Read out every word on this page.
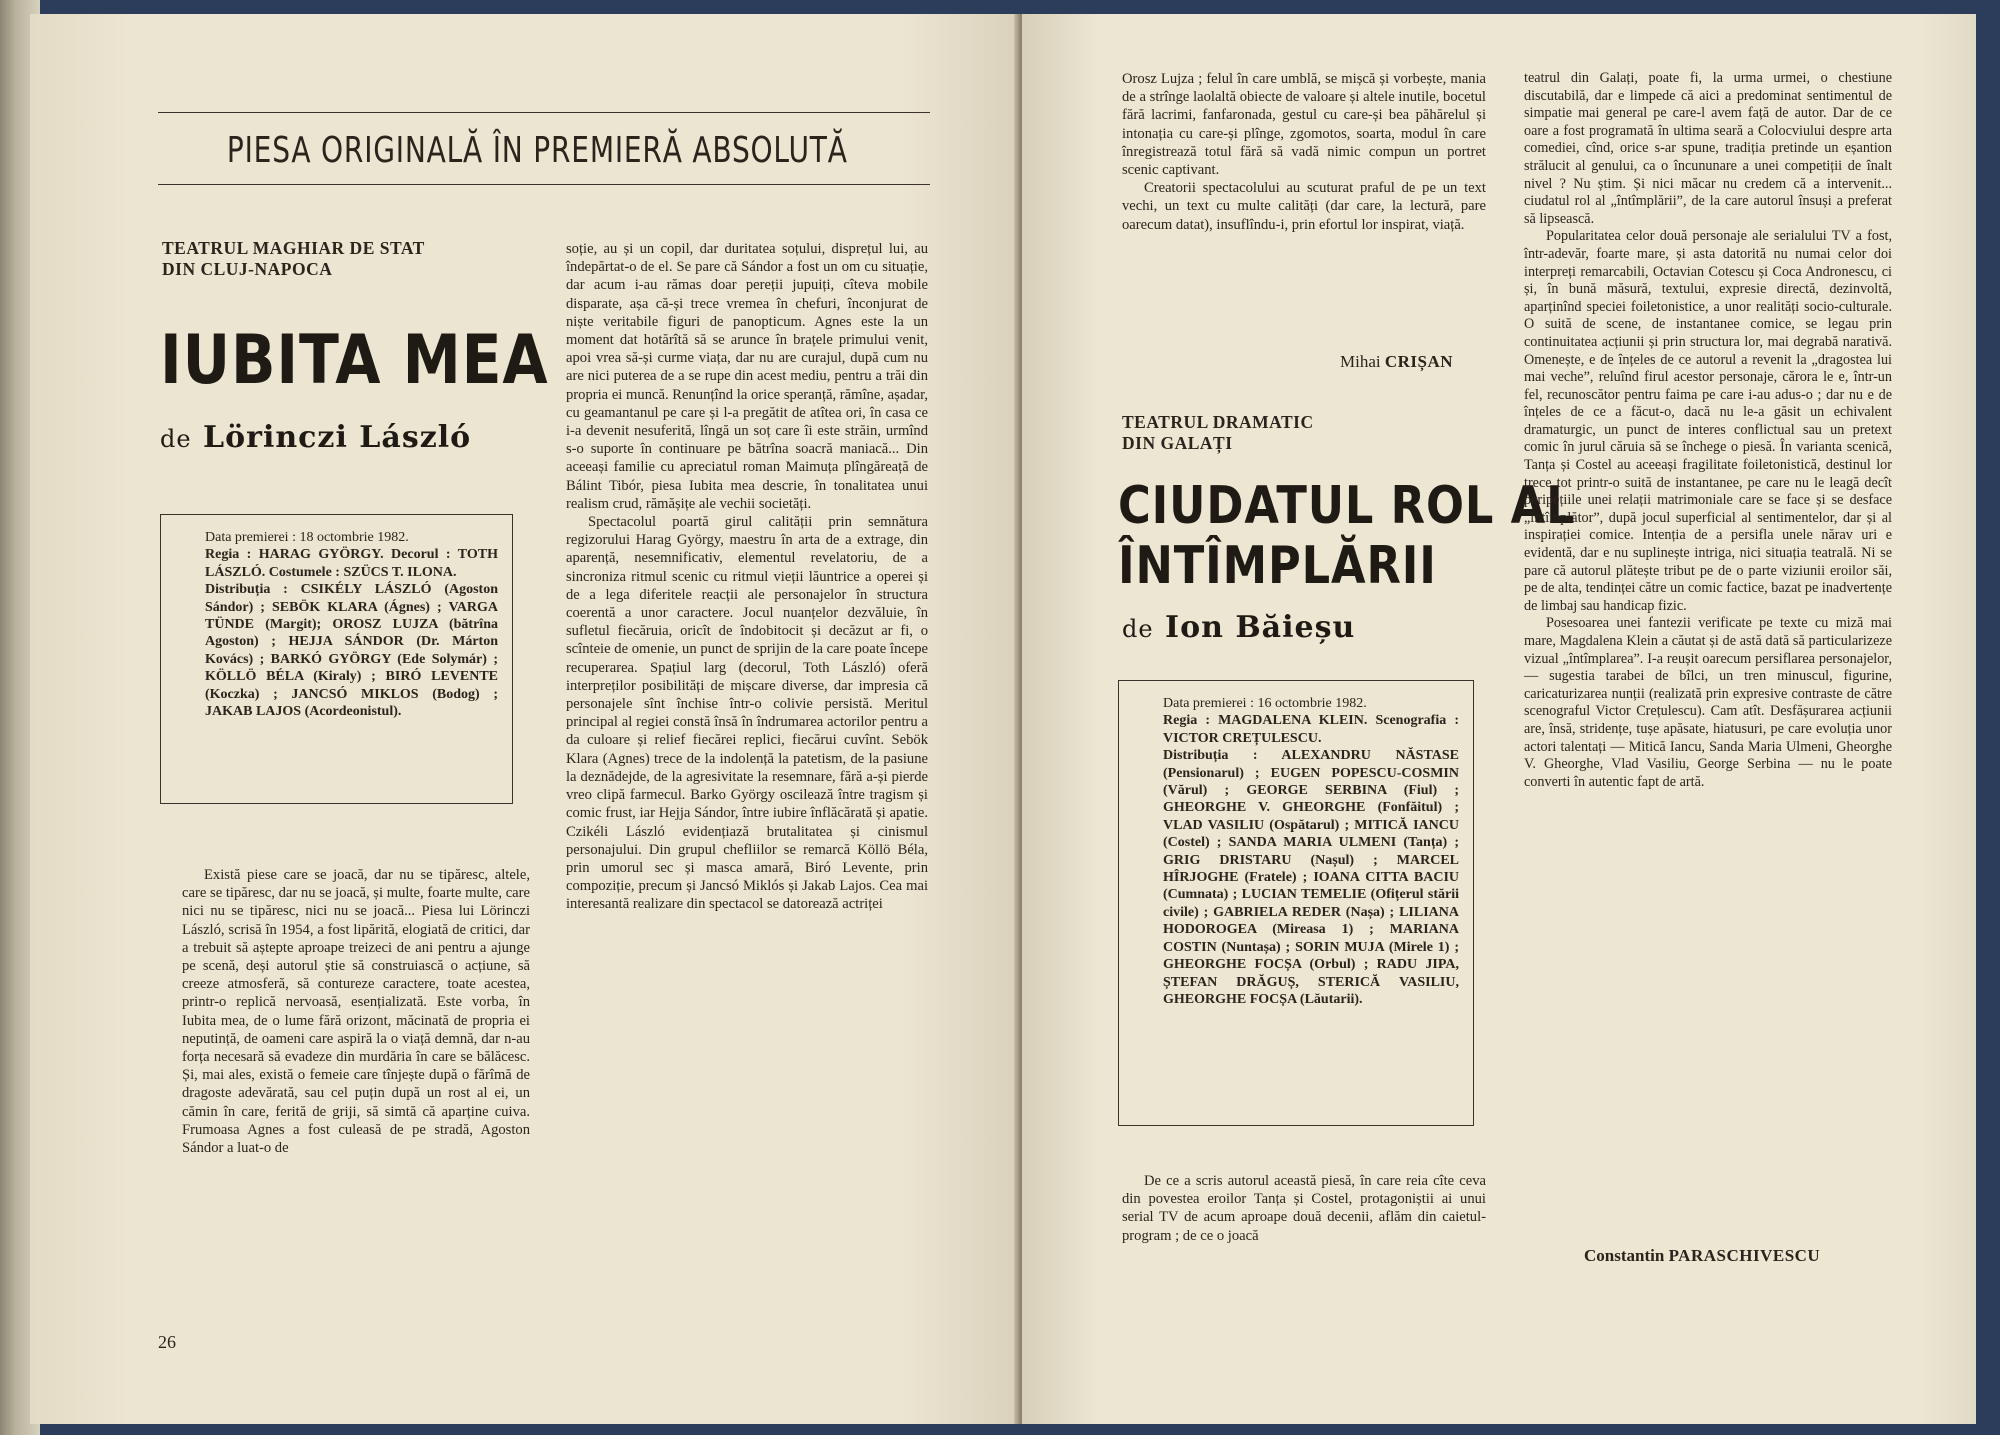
PIESA ORIGINALĂ ÎN PREMIERĂ ABSOLUTĂ
TEATRUL MAGHIAR DE STAT
DIN CLUJ-NAPOCA
IUBITA MEA
de Lörinczi László

Data premierei : 18 octombrie 1982.

Regia : HARAG GYÖRGY. Decorul : TOTH LÁSZLÓ. Costumele : SZÜCS T. ILONA.

Distribuția : CSIKÉLY LÁSZLÓ (Agoston Sándor) ; SEBÖK KLARA (Ágnes) ; VARGA TÜNDE (Margit); OROSZ LUJZA (bătrîna Agoston) ; HEJJA SÁNDOR (Dr. Márton Kovács) ; BARKÓ GYÖRGY (Ede Solymár) ; KÖLLÖ BÉLA (Kiraly) ; BIRÓ LEVENTE (Koczka) ; JANCSÓ MIKLOS (Bodog) ; JAKAB LAJOS (Acordeonistul).

Există piese care se joacă, dar nu se tipăresc, altele, care se tipăresc, dar nu se joacă, și multe, foarte multe, care nici nu se tipăresc, nici nu se joacă... Piesa lui Lörinczi László, scrisă în 1954, a fost lipărită, elogiată de critici, dar a trebuit să aștepte aproape treizeci de ani pentru a ajunge pe scenă, deși autorul știe să construiască o acțiune, să creeze atmosferă, să contureze caractere, toate acestea, printr-o replică nervoasă, esențializată. Este vorba, în Iubita mea, de o lume fără orizont, măcinată de propria ei neputință, de oameni care aspiră la o viață demnă, dar n-au forța necesară să evadeze din murdăria în care se bălăcesc. Și, mai ales, există o femeie care tînjește după o fărîmă de dragoste adevărată, sau cel puțin după un rost al ei, un cămin în care, ferită de griji, să simtă că aparține cuiva. Frumoasa Agnes a fost culeasă de pe stradă, Agoston Sándor a luat-o de

soție, au și un copil, dar duritatea soțului, disprețul lui, au îndepărtat-o de el. Se pare că Sándor a fost un om cu situație, dar acum i-au rămas doar pereții jupuiți, cîteva mobile disparate, așa că-și trece vremea în chefuri, înconjurat de niște veritabile figuri de panopticum. Agnes este la un moment dat hotărîtă să se arunce în brațele primului venit, apoi vrea să-și curme viața, dar nu are curajul, după cum nu are nici puterea de a se rupe din acest mediu, pentru a trăi din propria ei muncă. Renunțînd la orice speranță, rămîne, așadar, cu geamantanul pe care și l-a pregătit de atîtea ori, în casa ce i-a devenit nesuferită, lîngă un soț care îi este străin, urmînd s-o suporte în continuare pe bătrîna soacră maniacă... Din aceeași familie cu apreciatul roman Maimuța plîngăreață de Bálint Tibór, piesa Iubita mea descrie, în tonalitatea unui realism crud, rămășițe ale vechii societăți.

Spectacolul poartă girul calității prin semnătura regizorului Harag György, maestru în arta de a extrage, din aparență, nesemnificativ, elementul revelatoriu, de a sincroniza ritmul scenic cu ritmul vieții lăuntrice a operei și de a lega diferitele reacții ale personajelor în structura coerentă a unor caractere. Jocul nuanțelor dezvăluie, în sufletul fiecăruia, oricît de îndobitocit și decăzut ar fi, o scînteie de omenie, un punct de sprijin de la care poate începe recuperarea. Spațiul larg (decorul, Toth László) oferă interpreților posibilități de mișcare diverse, dar impresia că personajele sînt închise într-o colivie persistă. Meritul principal al regiei constă însă în îndrumarea actorilor pentru a da culoare și relief fiecărei replici, fiecărui cuvînt. Sebök Klara (Agnes) trece de la indolență la patetism, de la pasiune la deznădejde, de la agresivitate la resemnare, fără a-și pierde vreo clipă farmecul. Barko György oscilează între tragism și comic frust, iar Hejja Sándor, între iubire înflăcărată și apatie. Czikéli László evidențiază brutalitatea și cinismul personajului. Din grupul chefliilor se remarcă Köllö Béla, prin umorul sec și masca amară, Biró Levente, prin compoziție, precum și Jancsó Miklós și Jakab Lajos. Cea mai interesantă realizare din spectacol se datorează actriței

26

Orosz Lujza ; felul în care umblă, se mișcă și vorbește, mania de a strînge laolaltă obiecte de valoare și altele inutile, bocetul fără lacrimi, fanfaronada, gestul cu care-și bea păhărelul și intonația cu care-și plînge, zgomotos, soarta, modul în care înregistrează totul fără să vadă nimic compun un portret scenic captivant.

Creatorii spectacolului au scuturat praful de pe un text vechi, un text cu multe calități (dar care, la lectură, pare oarecum datat), insuflîndu-i, prin efortul lor inspirat, viață.

Mihai CRIȘAN
TEATRUL DRAMATIC
DIN GALAȚI
CIUDATUL ROL AL
ÎNTÎMPLĂRII
de Ion Băieșu

Data premierei : 16 octombrie 1982.

Regia : MAGDALENA KLEIN. Scenografia : VICTOR CREȚULESCU.

Distribuția : ALEXANDRU NĂSTASE (Pensionarul) ; EUGEN POPESCU-COSMIN (Vărul) ; GEORGE SERBINA (Fiul) ; GHEORGHE V. GHEORGHE (Fonfăitul) ; VLAD VASILIU (Ospătarul) ; MITICĂ IANCU (Costel) ; SANDA MARIA ULMENI (Tanța) ; GRIG DRISTARU (Nașul) ; MARCEL HÎRJOGHE (Fratele) ; IOANA CITTA BACIU (Cumnata) ; LUCIAN TEMELIE (Ofițerul stării civile) ; GABRIELA REDER (Nașa) ; LILIANA HODOROGEA (Mireasa 1) ; MARIANA COSTIN (Nuntașa) ; SORIN MUJA (Mirele 1) ; GHEORGHE FOCȘA (Orbul) ; RADU JIPA, ȘTEFAN DRĂGUȘ, STERICĂ VASILIU, GHEORGHE FOCȘA (Lăutarii).

De ce a scris autorul această piesă, în care reia cîte ceva din povestea eroilor Tanța și Costel, protagoniștii ai unui serial TV de acum aproape două decenii, aflăm din caietul-program ; de ce o joacă

teatrul din Galați, poate fi, la urma urmei, o chestiune discutabilă, dar e limpede că aici a predominat sentimentul de simpatie mai general pe care-l avem față de autor. Dar de ce oare a fost programată în ultima seară a Colocviului despre arta comediei, cînd, orice s-ar spune, tradiția pretinde un eșantion strălucit al genului, ca o încununare a unei competiții de înalt nivel ? Nu știm. Și nici măcar nu credem că a intervenit... ciudatul rol al „întîmplării”, de la care autorul însuși a preferat să lipsească.

Popularitatea celor două personaje ale serialului TV a fost, într-adevăr, foarte mare, și asta datorită nu numai celor doi interpreți remarcabili, Octavian Cotescu și Coca Andronescu, ci și, în bună măsură, textului, expresie directă, dezinvoltă, aparținînd speciei foiletonistice, a unor realități socio-culturale. O suită de scene, de instantanee comice, se legau prin continuitatea acțiunii și prin structura lor, mai degrabă narativă. Omenește, e de înțeles de ce autorul a revenit la „dragostea lui mai veche”, reluînd firul acestor personaje, cărora le e, într-un fel, recunoscător pentru faima pe care i-au adus-o ; dar nu e de înțeles de ce a făcut-o, dacă nu le-a găsit un echivalent dramaturgic, un punct de interes conflictual sau un pretext comic în jurul căruia să se închege o piesă. În varianta scenică, Tanța și Costel au aceeași fragilitate foiletonistică, destinul lor trece tot printr-o suită de instantanee, pe care nu le leagă decît peripețiile unei relații matrimoniale care se face și se desface „întîmplător”, după jocul superficial al sentimentelor, dar și al inspirației comice. Intenția de a persifla unele nărav uri e evidentă, dar e nu suplinește intriga, nici situația teatrală. Ni se pare că autorul plătește tribut pe de o parte viziunii eroilor săi, pe de alta, tendinței către un comic factice, bazat pe inadvertențe de limbaj sau handicap fizic.

Posesoarea unei fantezii verificate pe texte cu miză mai mare, Magdalena Klein a căutat și de astă dată să particularizeze vizual „întîmplarea”. I-a reușit oarecum persiflarea personajelor, — sugestia tarabei de bîlci, un tren minuscul, figurine, caricaturizarea nunții (realizată prin expresive contraste de către scenograful Victor Crețulescu). Cam atît. Desfășurarea acțiunii are, însă, stridențe, tușe apăsate, hiatusuri, pe care evoluția unor actori talentați — Mitică Iancu, Sanda Maria Ulmeni, Gheorghe V. Gheorghe, Vlad Vasiliu, George Serbina — nu le poate converti în autentic fapt de artă.

Constantin PARASCHIVESCU
